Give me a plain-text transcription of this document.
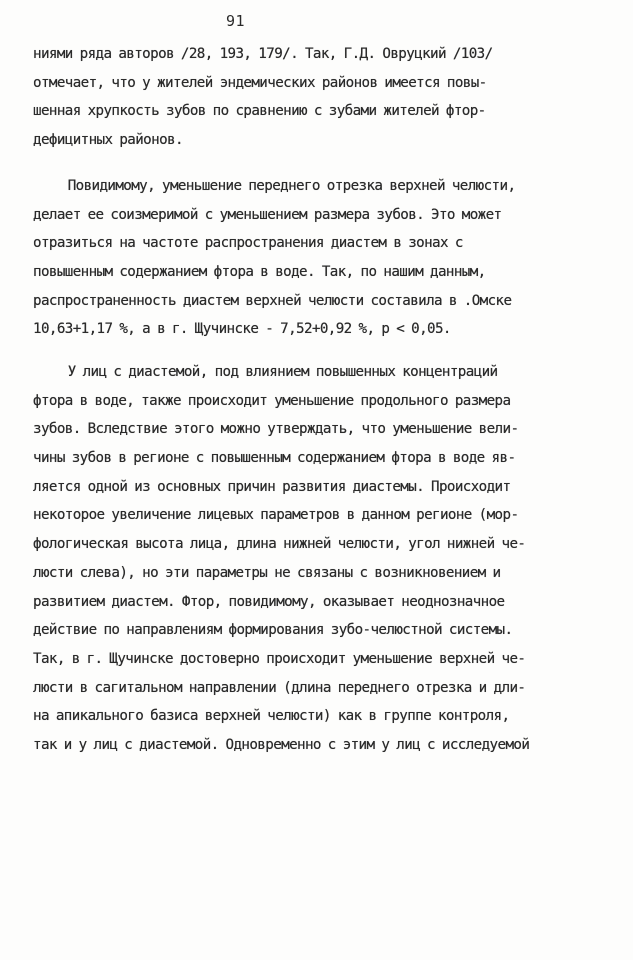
91
ниями ряда авторов /28, 193, 179/. Так, Г.Д. Овруцкий /103/
отмечает, что у жителей эндемических районов имеется повы-
шенная хрупкость зубов по сравнению с зубами жителей фтор-
дефицитных районов.
Повидимому, уменьшение переднего отрезка верхней челюсти,
делает ее соизмеримой с уменьшением размера зубов. Это может
отразиться на частоте распространения диастем в зонах с
повышенным содержанием фтора в воде. Так, по нашим данным,
распространенность диастем верхней челюсти составила в .Омске
10,63+1,17 %, а в г. Щучинске - 7,52+0,92 %, р < 0,05.
У лиц с диастемой, под влиянием повышенных концентраций
фтора в воде, также происходит уменьшение продольного размера
зубов. Вследствие этого можно утверждать, что уменьшение вели-
чины зубов в регионе с повышенным содержанием фтора в воде яв-
ляется одной из основных причин развития диастемы. Происходит
некоторое увеличение лицевых параметров в данном регионе (мор-
фологическая высота лица, длина нижней челюсти, угол нижней че-
люсти слева), но эти параметры не связаны с возникновением и
развитием диастем. Фтор, повидимому, оказывает неоднозначное
действие по направлениям формирования зубо-челюстной системы.
Так, в г. Щучинске достоверно происходит уменьшение верхней че-
люсти в сагитальном направлении (длина переднего отрезка и дли-
на апикального базиса верхней челюсти) как в группе контроля,
так и у лиц с диастемой. Одновременно с этим у лиц с исследуемой
